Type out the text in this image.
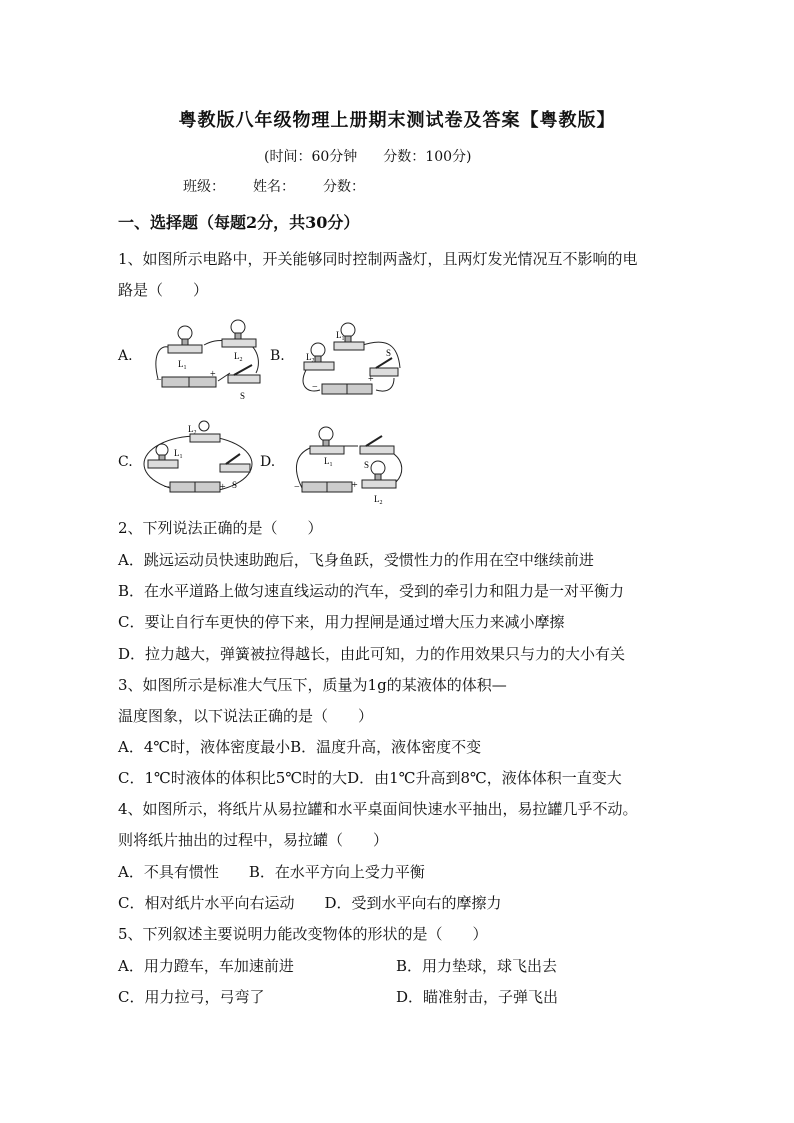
粤教版八年级物理上册期末测试卷及答案【粤教版】
(时间：60分钟 分数：100分)
班级： 姓名： 分数：
一、选择题（每题2分，共30分）
1、如图所示电路中，开关能够同时控制两盏灯，且两灯发光情况互不影响的电
路是（　　）
A.	B.
C.	D.
$L_1$
$L_2$
−
+
S
$L_1$
$L_2$
S
−
+
$L_2$
$L_1$
−	+ S
$L_1$	S
$L_2$
−	+
2、下列说法正确的是（　　）
A．跳远运动员快速助跑后，飞身鱼跃，受惯性力的作用在空中继续前进
B．在水平道路上做匀速直线运动的汽车，受到的牵引力和阻力是一对平衡力
C．要让自行车更快的停下来，用力捏闸是通过增大压力来减小摩擦
D．拉力越大，弹簧被拉得越长，由此可知，力的作用效果只与力的大小有关
3、如图所示是标准大气压下，质量为1g的某液体的体积—
温度图象，以下说法正确的是（　　）
A．4℃时，液体密度最小B．温度升高，液体密度不变
C．1℃时液体的体积比5℃时的大D．由1℃升高到8℃，液体体积一直变大
4、如图所示，将纸片从易拉罐和水平桌面间快速水平抽出，易拉罐几乎不动。
则将纸片抽出的过程中，易拉罐（　　）
A．不具有惯性　　B．在水平方向上受力平衡
C．相对纸片水平向右运动　　D．受到水平向右的摩擦力
5、下列叙述主要说明力能改变物体的形状的是（　　）
A．用力蹬车，车加速前进	B．用力垫球，球飞出去
C．用力拉弓，弓弯了	D．瞄准射击，子弹飞出
